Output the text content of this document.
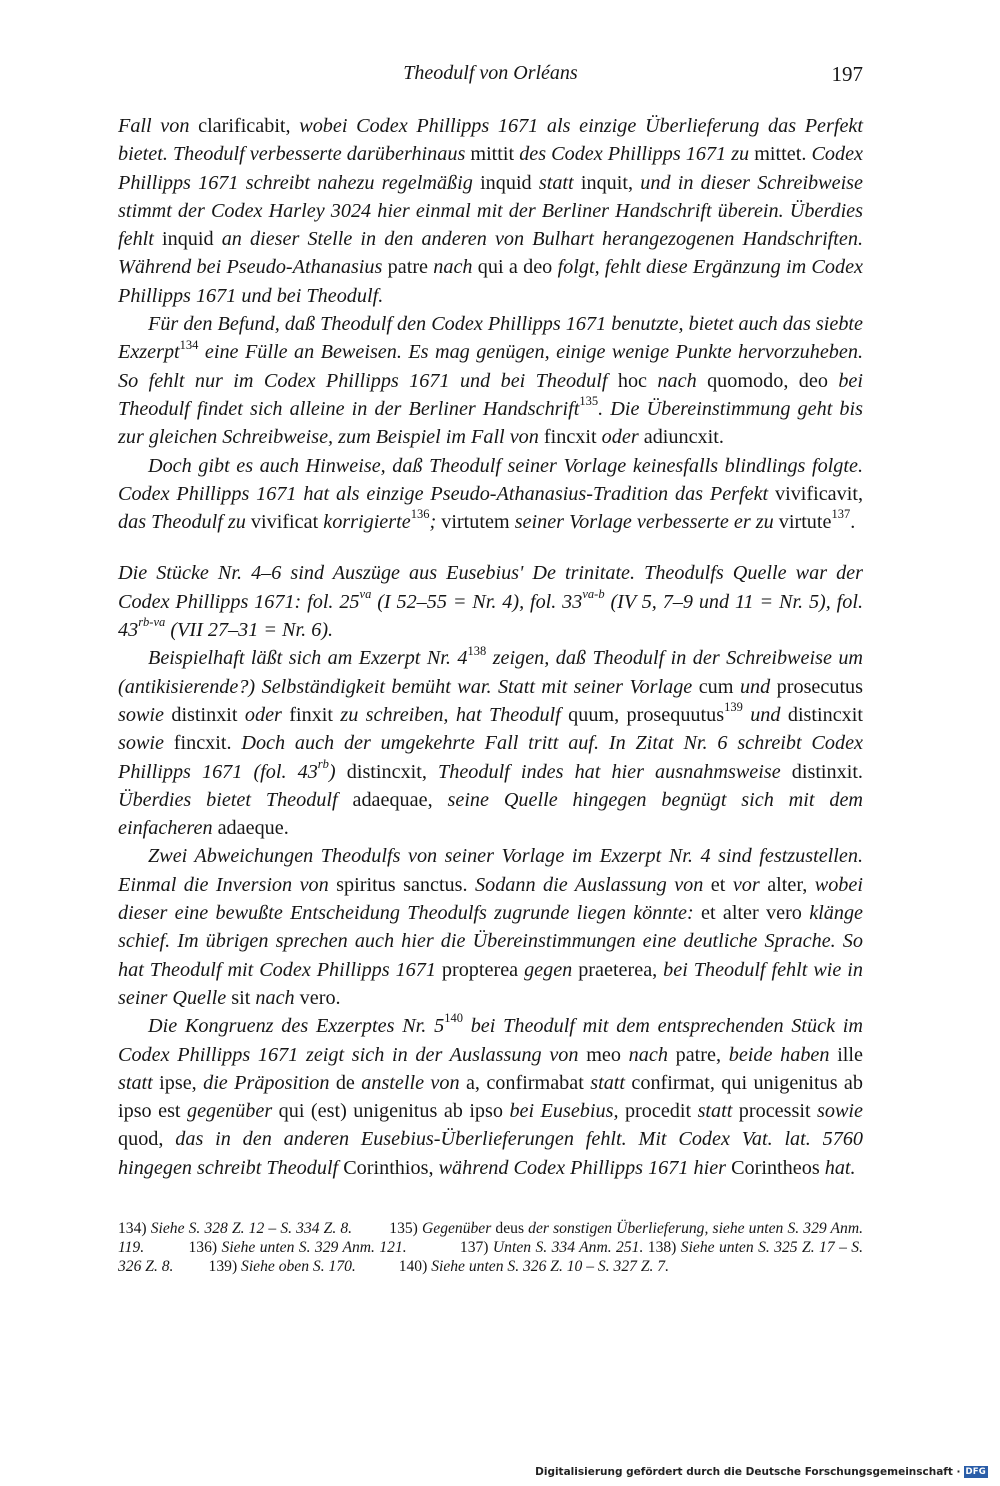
Theodulf von Orléans	197

Fall von clarificabit, wobei Codex Phillipps 1671 als einzige Überlieferung das Perfekt bietet. Theodulf verbesserte darüberhinaus mittit des Codex Phillipps 1671 zu mittet. Codex Phillipps 1671 schreibt nahezu regelmäßig inquid statt inquit, und in dieser Schreibweise stimmt der Codex Harley 3024 hier einmal mit der Berliner Handschrift überein. Überdies fehlt inquid an dieser Stelle in den anderen von Bulhart herangezogenen Handschriften. Während bei Pseudo-Athanasius patre nach qui a deo folgt, fehlt diese Ergänzung im Codex Phillipps 1671 und bei Theodulf.

Für den Befund, daß Theodulf den Codex Phillipps 1671 benutzte, bietet auch das siebte Exzerpt$^{134}$ eine Fülle an Beweisen. Es mag genügen, einige wenige Punkte hervorzuheben. So fehlt nur im Codex Phillipps 1671 und bei Theodulf hoc nach quomodo, deo bei Theodulf findet sich alleine in der Berliner Handschrift$^{135}$. Die Übereinstimmung geht bis zur gleichen Schreibweise, zum Beispiel im Fall von fincxit oder adiuncxit.

Doch gibt es auch Hinweise, daß Theodulf seiner Vorlage keinesfalls blindlings folgte. Codex Phillipps 1671 hat als einzige Pseudo-Athanasius-Tradition das Perfekt vivificavit, das Theodulf zu vivificat korrigierte$^{136}$; virtutem seiner Vorlage verbesserte er zu virtute$^{137}$.

Die Stücke Nr. 4–6 sind Auszüge aus Eusebius' De trinitate. Theodulfs Quelle war der Codex Phillipps 1671: fol. $25^{va}$ (I 52–55 = Nr. 4), fol. $33^{va-b}$ (IV 5, 7–9 und 11 = Nr. 5), fol. $43^{rb-va}$ (VII 27–31 = Nr. 6).

Beispielhaft läßt sich am Exzerpt Nr. $4^{138}$ zeigen, daß Theodulf in der Schreibweise um (antikisierende?) Selbständigkeit bemüht war. Statt mit seiner Vorlage cum und prosecutus sowie distinxit oder finxit zu schreiben, hat Theodulf quum, prosequutus$^{139}$ und distincxit sowie fincxit. Doch auch der umgekehrte Fall tritt auf. In Zitat Nr. 6 schreibt Codex Phillipps 1671 (fol. $43^{rb}$) distincxit, Theodulf indes hat hier ausnahmsweise distinxit. Überdies bietet Theodulf adaequae, seine Quelle hingegen begnügt sich mit dem einfacheren adaeque.

Zwei Abweichungen Theodulfs von seiner Vorlage im Exzerpt Nr. 4 sind festzustellen. Einmal die Inversion von spiritus sanctus. Sodann die Auslassung von et vor alter, wobei dieser eine bewußte Entscheidung Theodulfs zugrunde liegen könnte: et alter vero klänge schief. Im übrigen sprechen auch hier die Übereinstimmungen eine deutliche Sprache. So hat Theodulf mit Codex Phillipps 1671 propterea gegen praeterea, bei Theodulf fehlt wie in seiner Quelle sit nach vero.

Die Kongruenz des Exzerptes Nr. $5^{140}$ bei Theodulf mit dem entsprechenden Stück im Codex Phillipps 1671 zeigt sich in der Auslassung von meo nach patre, beide haben ille statt ipse, die Präposition de anstelle von a, confirmabat statt confirmat, qui unigenitus ab ipso est gegenüber qui (est) unigenitus ab ipso bei Eusebius, procedit statt processit sowie quod, das in den anderen Eusebius-Überlieferungen fehlt. Mit Codex Vat. lat. 5760 hingegen schreibt Theodulf Corinthios, während Codex Phillipps 1671 hier Corintheos hat.

134) Siehe S. 328 Z. 12 – S. 334 Z. 8.         135) Gegenüber deus der sonstigen Überlieferung, siehe unten S. 329 Anm. 119.          136) Siehe unten S. 329 Anm. 121.            137) Unten S. 334 Anm. 251. 138) Siehe unten S. 325 Z. 17 – S. 326 Z. 8.         139) Siehe oben S. 170.           140) Siehe unten S. 326 Z. 10 – S. 327 Z. 7.

Digitalisierung gefördert durch die Deutsche Forschungsgemeinschaft · DFG
